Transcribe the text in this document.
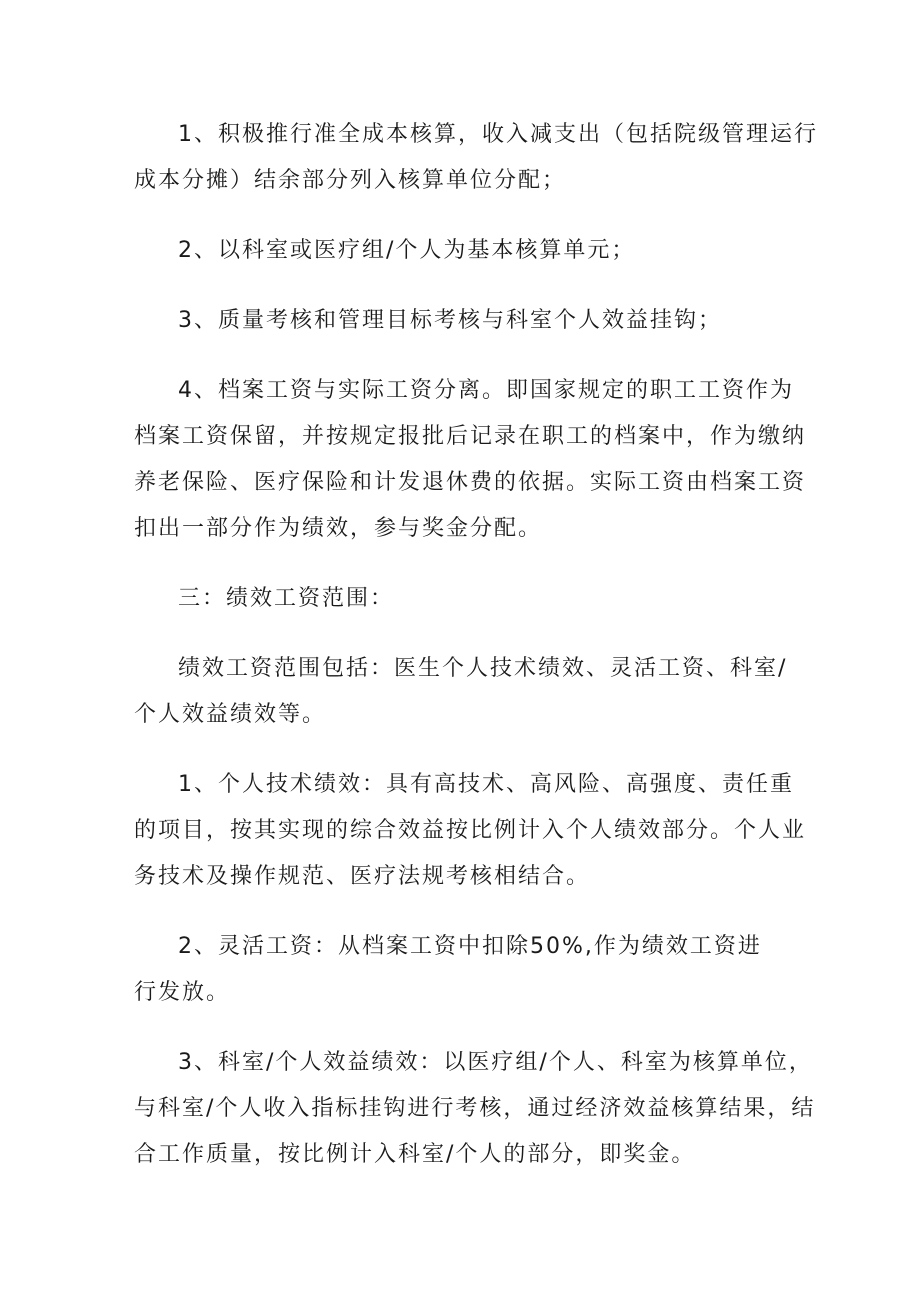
1、积极推行准全成本核算，收入减支出（包括院级管理运行
成本分摊）结余部分列入核算单位分配；

2、以科室或医疗组/个人为基本核算单元；

3、质量考核和管理目标考核与科室个人效益挂钩；

4、档案工资与实际工资分离。即国家规定的职工工资作为
档案工资保留，并按规定报批后记录在职工的档案中，作为缴纳
养老保险、医疗保险和计发退休费的依据。实际工资由档案工资
扣出一部分作为绩效，参与奖金分配。

三：绩效工资范围：

绩效工资范围包括：医生个人技术绩效、灵活工资、科室/
个人效益绩效等。

1、个人技术绩效：具有高技术、高风险、高强度、责任重
的项目，按其实现的综合效益按比例计入个人绩效部分。个人业
务技术及操作规范、医疗法规考核相结合。

2、灵活工资：从档案工资中扣除50%,作为绩效工资进
行发放。

3、科室/个人效益绩效：以医疗组/个人、科室为核算单位，
与科室/个人收入指标挂钩进行考核，通过经济效益核算结果，结
合工作质量，按比例计入科室/个人的部分，即奖金。
